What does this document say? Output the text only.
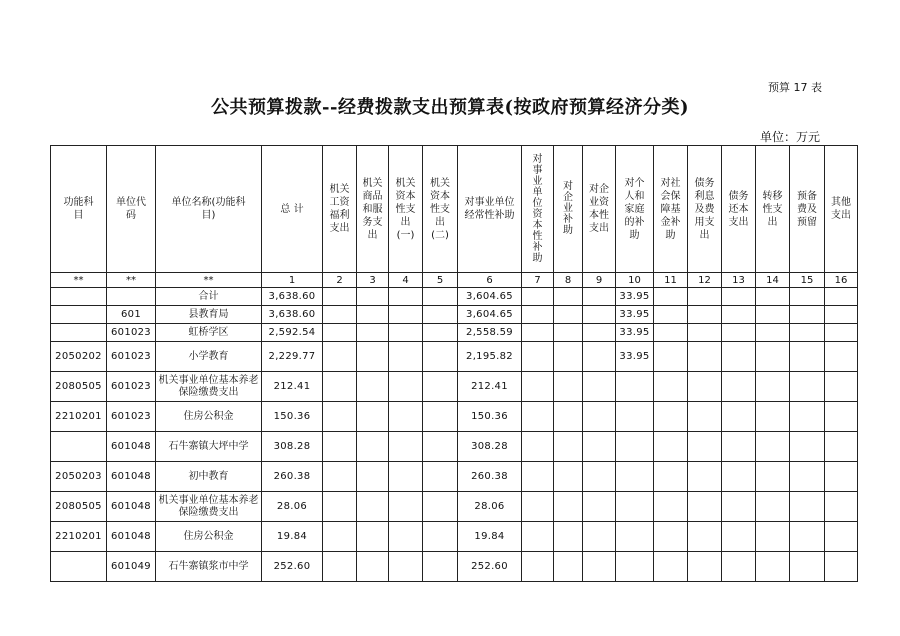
预算 17 表
公共预算拨款--经费拨款支出预算表(按政府预算经济分类)
单位：万元
功能科目	单位代码	单位名称(功能科目)	总 计	机关工资福利支出	机关商品和服务支出	机关资本性支出(一)	机关资本性支出(二)	对事业单位经常性补助	对事业单位资本性补助	对企业补助	对企业资本性支出	对个人和家庭的补助	对社会保障基金补助	债务利息及费用支出	债务还本支出	转移性支出	预备费及预留	其他支出
**	**	**	1	2	3	4	5	6	7	8	9	10	11	12	13	14	15	16
		合计	3,638.60					3,604.65				33.95						
	601	县教育局	3,638.60					3,604.65				33.95						
	601023	虹桥学区	2,592.54					2,558.59				33.95						
2050202	601023	小学教育	2,229.77					2,195.82				33.95						
2080505	601023	机关事业单位基本养老保险缴费支出	212.41					212.41										
2210201	601023	住房公积金	150.36					150.36										
	601048	石牛寨镇大坪中学	308.28					308.28										
2050203	601048	初中教育	260.38					260.38										
2080505	601048	机关事业单位基本养老保险缴费支出	28.06					28.06										
2210201	601048	住房公积金	19.84					19.84										
	601049	石牛寨镇浆市中学	252.60					252.60										
